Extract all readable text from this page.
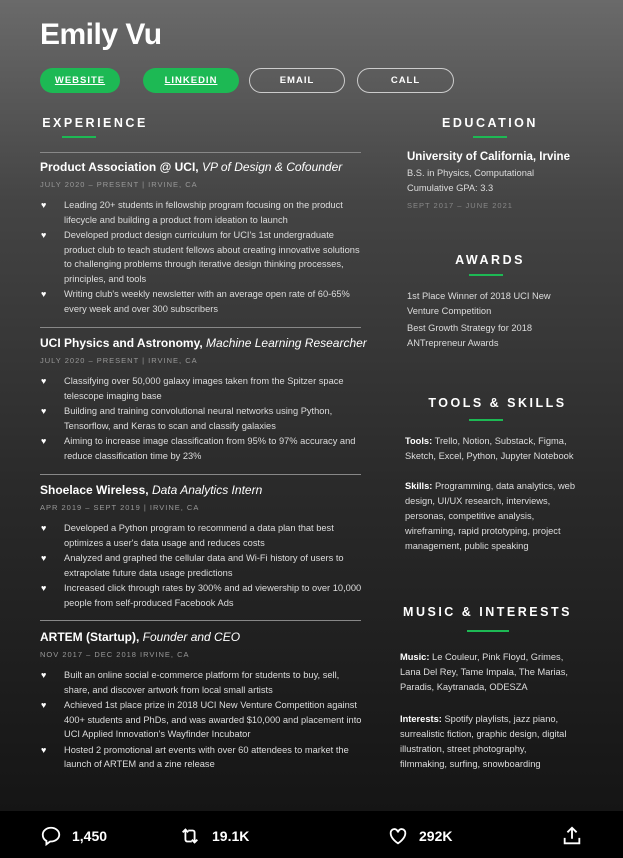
Emily Vu
WEBSITE	LINKEDIN	EMAIL	CALL
EXPERIENCE
Product Association @ UCI, VP of Design & Cofounder
JULY 2020 – PRESENT | IRVINE, CA
♥ Leading 20+ students in fellowship program focusing on the product lifecycle and building a product from ideation to launch
♥ Developed product design curriculum for UCI's 1st undergraduate product club to teach student fellows about creating innovative solutions to challenging problems through iterative design thinking processes, principles, and tools
♥ Writing club's weekly newsletter with an average open rate of 60-65% every week and over 300 subscribers
UCI Physics and Astronomy, Machine Learning Researcher
JULY 2020 – PRESENT | IRVINE, CA
♥ Classifying over 50,000 galaxy images taken from the Spitzer space telescope imaging base
♥ Building and training convolutional neural networks using Python, Tensorflow, and Keras to scan and classify galaxies
♥ Aiming to increase image classification from 95% to 97% accuracy and reduce classification time by 23%
Shoelace Wireless, Data Analytics Intern
APR 2019 – SEPT 2019 | IRVINE, CA
♥ Developed a Python program to recommend a data plan that best optimizes a user's data usage and reduces costs
♥ Analyzed and graphed the cellular data and Wi-Fi history of users to extrapolate future data usage predictions
♥ Increased click through rates by 300% and ad viewership to over 10,000 people from self-produced Facebook Ads
ARTEM (Startup), Founder and CEO
NOV 2017 – DEC 2018 IRVINE, CA
♥ Built an online social e-commerce platform for students to buy, sell, share, and discover artwork from local small artists
♥ Achieved 1st place prize in 2018 UCI New Venture Competition against 400+ students and PhDs, and was awarded $10,000 and placement into UCI Applied Innovation's Wayfinder Incubator
♥ Hosted 2 promotional art events with over 60 attendees to market the launch of ARTEM and a zine release
EDUCATION
University of California, Irvine
B.S. in Physics, Computational
Cumulative GPA: 3.3
SEPT 2017 – JUNE 2021
AWARDS
1st Place Winner of 2018 UCI New Venture Competition
Best Growth Strategy for 2018 ANTrepreneur Awards
TOOLS & SKILLS
Tools: Trello, Notion, Substack, Figma, Sketch, Excel, Python, Jupyter Notebook
Skills: Programming, data analytics, web design, UI/UX research, interviews, personas, competitive analysis, wireframing, rapid prototyping, project management, public speaking
MUSIC & INTERESTS
Music: Le Couleur, Pink Floyd, Grimes, Lana Del Rey, Tame Impala, The Marias, Paradis, Kaytranada, ODESZA
Interests: Spotify playlists, jazz piano, surrealistic fiction, graphic design, digital illustration, street photography, filmmaking, surfing, snowboarding
1,450	19.1K	292K
